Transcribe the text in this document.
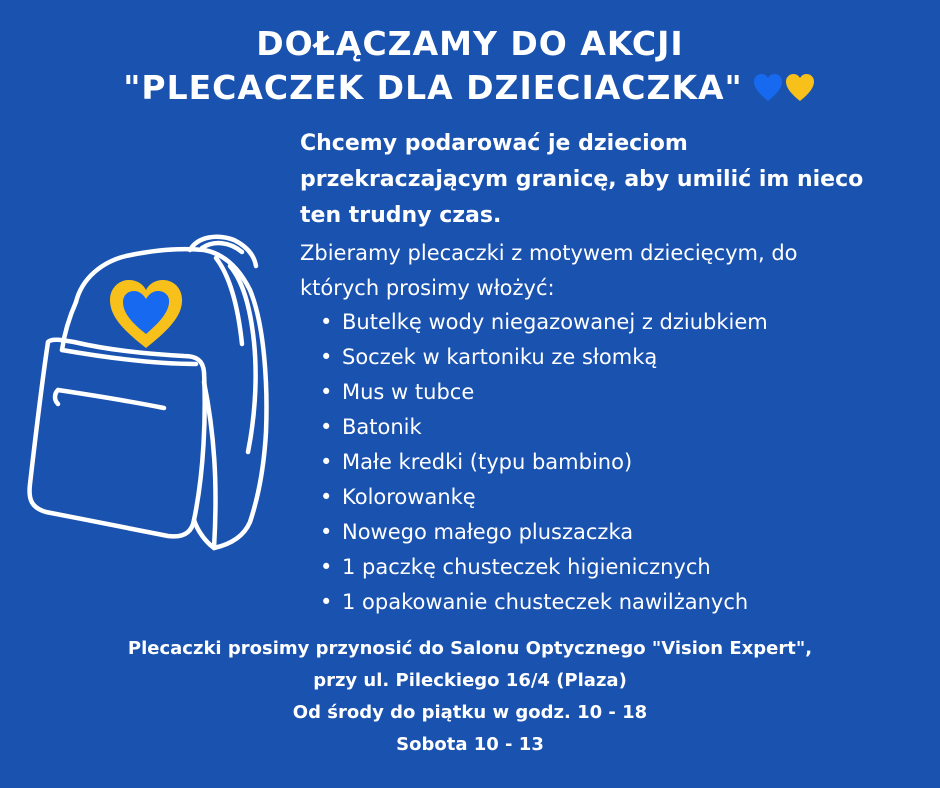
DOŁĄCZAMY DO AKCJI
"PLECACZEK DLA DZIECIACZKA"
Chcemy podarować je dzieciom
przekraczającym granicę, aby umilić im nieco
ten trudny czas.
Zbieramy plecaczki z motywem dziecięcym, do
których prosimy włożyć:
• Butelkę wody niegazowanej z dziubkiem
• Soczek w kartoniku ze słomką
• Mus w tubce
• Batonik
• Małe kredki (typu bambino)
• Kolorowankę
• Nowego małego pluszaczka
• 1 paczkę chusteczek higienicznych
• 1 opakowanie chusteczek nawilżanych
Plecaczki prosimy przynosić do Salonu Optycznego "Vision Expert",
przy ul. Pileckiego 16/4 (Plaza)
Od środy do piątku w godz. 10 - 18
Sobota 10 - 13
